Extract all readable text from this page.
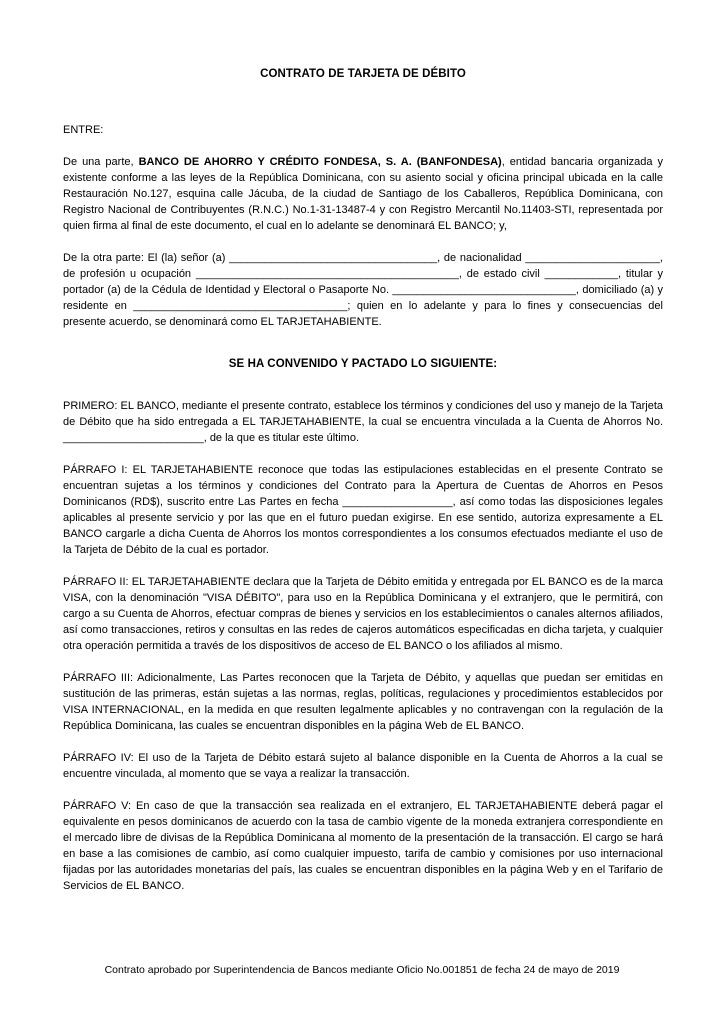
CONTRATO DE TARJETA DE DÉBITO

ENTRE:

De una parte, BANCO DE AHORRO Y CRÉDITO FONDESA, S. A. (BANFONDESA), entidad bancaria organizada y existente conforme a las leyes de la República Dominicana, con su asiento social y oficina principal ubicada en la calle Restauración No.127, esquina calle Jácuba, de la ciudad de Santiago de los Caballeros, República Dominicana, con Registro Nacional de Contribuyentes (R.N.C.) No.1-31-13487-4 y con Registro Mercantil No.11403-STI, representada por quien firma al final de este documento, el cual en lo adelante se denominará EL BANCO; y,

De la otra parte: El (la) señor (a) __________________________________, de nacionalidad ______________________, de profesión u ocupación ___________________________________________, de estado civil ____________, titular y portador (a) de la Cédula de Identidad y Electoral o Pasaporte No. ______________________________, domiciliado (a) y residente en ___________________________________; quien en lo adelante y para lo fines y consecuencias del presente acuerdo, se denominará como EL TARJETAHABIENTE.

SE HA CONVENIDO Y PACTADO LO SIGUIENTE:

PRIMERO: EL BANCO, mediante el presente contrato, establece los términos y condiciones del uso y manejo de la Tarjeta de Débito que ha sido entregada a EL TARJETAHABIENTE, la cual se encuentra vinculada a la Cuenta de Ahorros No. _______________________, de la que es titular este último.

PÁRRAFO I: EL TARJETAHABIENTE reconoce que todas las estipulaciones establecidas en el presente Contrato se encuentran sujetas a los términos y condiciones del Contrato para la Apertura de Cuentas de Ahorros en Pesos Dominicanos (RD$), suscrito entre Las Partes en fecha __________________, así como todas las disposiciones legales aplicables al presente servicio y por las que en el futuro puedan exigirse. En ese sentido, autoriza expresamente a EL BANCO cargarle a dicha Cuenta de Ahorros los montos correspondientes a los consumos efectuados mediante el uso de la Tarjeta de Débito de la cual es portador.

PÁRRAFO II: EL TARJETAHABIENTE declara que la Tarjeta de Débito emitida y entregada por EL BANCO es de la marca VISA, con la denominación "VISA DÉBITO", para uso en la República Dominicana y el extranjero, que le permitirá, con cargo a su Cuenta de Ahorros, efectuar compras de bienes y servicios en los establecimientos o canales alternos afiliados, así como transacciones, retiros y consultas en las redes de cajeros automáticos especificadas en dicha tarjeta, y cualquier otra operación permitida a través de los dispositivos de acceso de EL BANCO o los afiliados al mismo.

PÁRRAFO III: Adicionalmente, Las Partes reconocen que la Tarjeta de Débito, y aquellas que puedan ser emitidas en sustitución de las primeras, están sujetas a las normas, reglas, políticas, regulaciones y procedimientos establecidos por VISA INTERNACIONAL, en la medida en que resulten legalmente aplicables y no contravengan con la regulación de la República Dominicana, las cuales se encuentran disponibles en la página Web de EL BANCO.

PÁRRAFO IV: El uso de la Tarjeta de Débito estará sujeto al balance disponible en la Cuenta de Ahorros a la cual se encuentre vinculada, al momento que se vaya a realizar la transacción.

PÁRRAFO V: En caso de que la transacción sea realizada en el extranjero, EL TARJETAHABIENTE deberá pagar el equivalente en pesos dominicanos de acuerdo con la tasa de cambio vigente de la moneda extranjera correspondiente en el mercado libre de divisas de la República Dominicana al momento de la presentación de la transacción. El cargo se hará en base a las comisiones de cambio, así como cualquier impuesto, tarifa de cambio y comisiones por uso internacional fijadas por las autoridades monetarias del país, las cuales se encuentran disponibles en la página Web y en el Tarifario de Servicios de EL BANCO.

Contrato aprobado por Superintendencia de Bancos mediante Oficio No.001851 de fecha 24 de mayo de 2019
